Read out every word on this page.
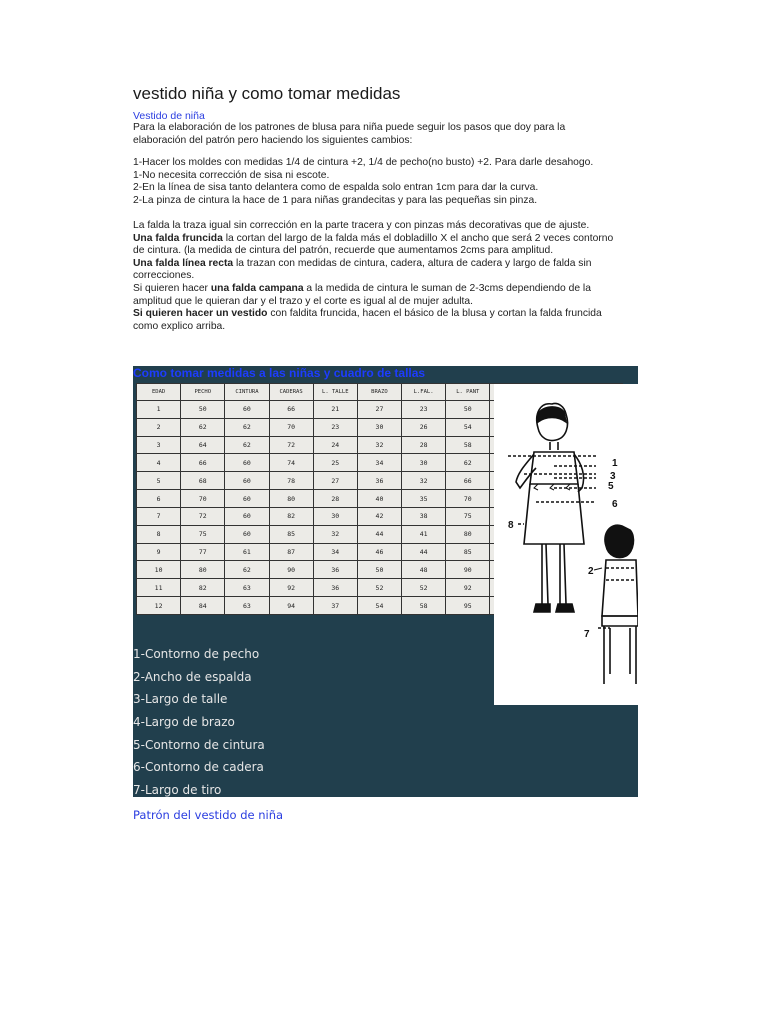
vestido niña y como tomar medidas
Vestido de niña
Para la elaboración de los patrones de blusa para niña puede seguir los pasos que doy para la
elaboración del patrón pero haciendo los siguientes cambios:
1-Hacer los moldes con medidas 1/4 de cintura +2, 1/4 de pecho(no busto) +2. Para darle desahogo.
1-No necesita corrección de sisa ni escote.
2-En la línea de sisa tanto delantera como de espalda solo entran 1cm para dar la curva.
2-La pinza de cintura la hace de 1 para niñas grandecitas y para las pequeñas sin pinza.
La falda la traza igual sin corrección en la parte tracera y con pinzas más decorativas que de ajuste.
Una falda fruncida la cortan del largo de la falda más el dobladillo X el ancho que será 2 veces contorno
de cintura. (la medida de cintura del patrón, recuerde que aumentamos 2cms para amplitud.
Una falda línea recta la trazan con medidas de cintura, cadera, altura de cadera y largo de falda sin
correcciones.
Si quieren hacer una falda campana a la medida de cintura le suman de 2-3cms dependiendo de la
amplitud que le quieran dar y el trazo y el corte es igual al de mujer adulta.
Si quieren hacer un vestido con faldita fruncida, hacen el básico de la blusa y cortan la falda fruncida
como explico arriba.
Como tomar medidas a las niñas y cuadro de tallas
EDAD	PECHO	CINTURA	CADERAS	L. TALLE	BRAZO	L.FAL.	L. PANT			
1	50	60	66	21	27	23	50			
2	62	62	70	23	30	26	54			
3	64	62	72	24	32	28	58			
4	66	60	74	25	34	30	62			
5	68	60	78	27	36	32	66			
6	70	60	80	28	40	35	70			
7	72	60	82	30	42	38	75			
8	75	60	85	32	44	41	80			
9	77	61	87	34	46	44	85			
10	80	62	90	36	50	48	90			
11	82	63	92	36	52	52	92			
12	84	63	94	37	54	58	95			
1-Contorno de pecho
2-Ancho de espalda
3-Largo de talle
4-Largo de brazo
5-Contorno de cintura
6-Contorno de cadera
7-Largo de tiro
1
3
5
6
8
2
7
Patrón del vestido de niña
